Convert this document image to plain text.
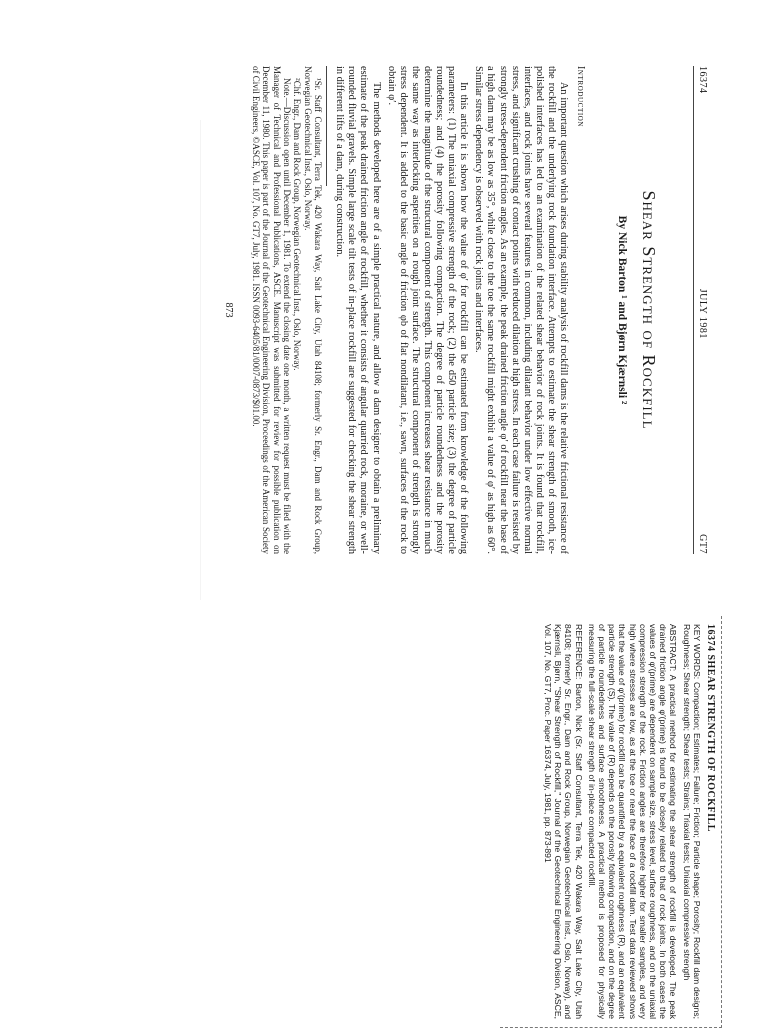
16374
JULY 1981
GT7
Shear Strength of Rockfill
By Nick Barton ¹ and Bjørn Kjærnsli ²
Introduction

An important question which arises during stability analysis of rockfill dams is the relative frictional resistance of the rockfill and the underlying rock foundation interface. Attempts to estimate the shear strength of smooth, ice-polished interfaces has led to an examination of the related shear behavior of rock joints. It is found that rockfill, interfaces, and rock joints have several features in common, including dilatant behavior under low effective normal stress, and significant crushing of contact points with reduced dilation at high stress. In each case failure is resisted by strongly stress-dependent friction angles. As an example, the peak drained friction angle φ′ of rockfill near the base of a high dam may be as low as 35°, while close to the toe the same rockfill might exhibit a value of φ′ as high as 60°. Similar stress dependency is observed with rock joints and interfaces.

In this article it is shown how the value of φ′ for rockfill can be estimated from knowledge of the following parameters: (1) The uniaxial compressive strength of the rock; (2) the d50 particle size; (3) the degree of particle roundedness; and (4) the porosity following compaction. The degree of particle roundedness and the porosity determine the magnitude of the structural component of strength. This component increases shear resistance in much the same way as interlocking asperities on a rough joint surface. The structural component of strength is strongly stress dependent. It is added to the basic angle of friction φb of flat nondilatant, i.e., sawn, surfaces of the rock to obtain φ′.

The methods developed here are of a simple practical nature, and allow a dam designer to obtain a preliminary estimate of the peak drained friction angle of rockfill, whether it consists of angular quarried rock, moraine, or well-rounded fluvial gravels. Simple large scale tilt tests of in-place rockfill are suggested for checking the shear strength in different lifts of a dam, during construction.

¹Sr. Staff Consultant, Terra Tek, 420 Wakara Way, Salt Lake City, Utah 84108; formerly Sr. Engr., Dam and Rock Group, Norwegian Geotechnical Inst., Oslo, Norway.

²Chf. Engr., Dam and Rock Group, Norwegian Geotechnical Inst., Oslo, Norway.

Note.—Discussion open until December 1, 1981. To extend the closing date one month, a written request must be filed with the Manager of Technical and Professional Publications, ASCE. Manuscript was submitted for review for possible publication on December 11, 1980. This paper is part of the Journal of the Geotechnical Engineering Division, Proceedings of the American Society of Civil Engineers, ©ASCE, Vol. 107, No. GT7, July, 1981. ISSN 0093-6405/81/0007-0873/$01.00.

873
16374 SHEAR STRENGTH OF ROCKFILL

KEY WORDS: Compaction; Estimates; Failure; Friction; Particle shape; Porosity; Rockfill dam designs; Roughness; Shear strength; Shear tests; Strains; Triaxial tests; Uniaxial compressive strength

ABSTRACT: A practical method for estimating the shear strength of rockfill is developed. The peak drained friction angle φ′(prime) is found to be closely related to that of rock joints. In both cases the values of φ′(prime) are dependent on sample size, stress level, surface roughness, and on the uniaxial compression strength of the rock. Friction angles are therefore higher for smaller samples, and very high where stresses are low, as at the toe or near the face of a rockfill dam. Test data reviewed shows that the value of φ′(prime) for rockfill can be quantified by a equivalent roughness (R), and an equivalent particle strength (S). The value of (R) depends on the porosity following compaction, and on the degree of particle roundedness and surface smoothness. A practical method is proposed for physically measuring the full-scale shear strength of in-place compacted rockfill.

REFERENCE: Barton, Nick (Sr. Staff Consultant, Terra Tek, 420 Wakara Way, Salt Lake City, Utah 84108; formerly Sr. Engr., Dam and Rock Group, Norwegian Geotechnical Inst., Oslo, Norway), and Kjærnsli, Bjørn, "Shear Strength of Rockfill," Journal of the Geotechnical Engineering Division, ASCE, Vol. 107, No. GT7, Proc. Paper 16374, July, 1981, pp. 873-891
